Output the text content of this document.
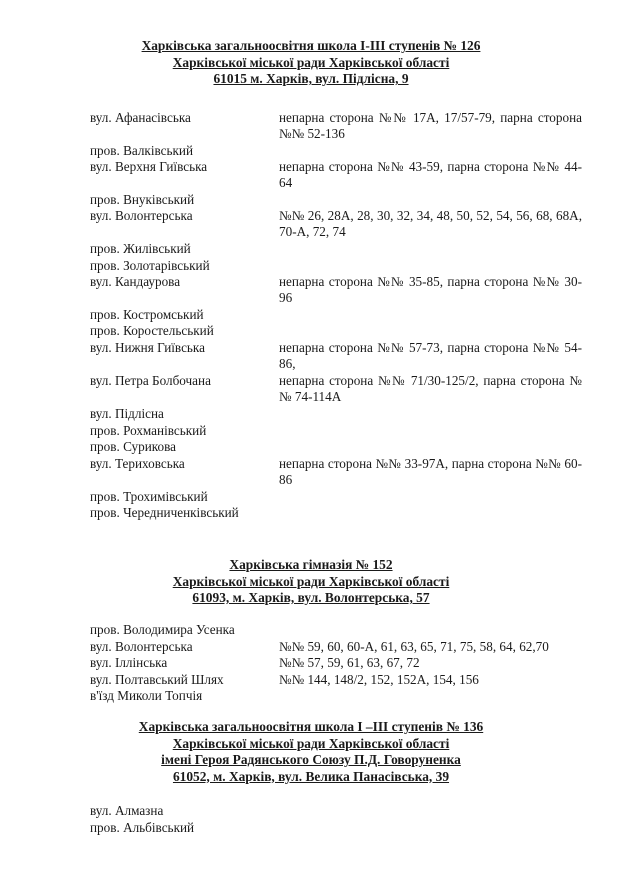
Харківська загальноосвітня школа І-ІІІ ступенів № 126
Харківської міської ради Харківської області
61015 м. Харків, вул. Підлісна, 9
вул. Афанасівська	непарна сторона №№ 17А, 17/57-79, парна сторона №№ 52-136
пров. Валківський
вул. Верхня Гиївська	непарна сторона №№ 43-59, парна сторона №№ 44-64
пров. Внуківський
вул. Волонтерська	№№ 26, 28А, 28, 30, 32, 34, 48, 50, 52, 54, 56, 68, 68А, 70-А, 72, 74
пров. Жилівський
пров. Золотарівський
вул. Кандаурова	непарна сторона №№ 35-85, парна сторона №№ 30-96
пров. Костромський
пров. Коростельський
вул. Нижня Гиївська	непарна сторона №№ 57-73, парна сторона №№ 54-86,
вул. Петра Болбочана	непарна сторона №№ 71/30-125/2, парна сторона №№ 74-114А
вул. Підлісна
пров. Рохманівський
пров. Сурикова
вул. Териховська	непарна сторона №№ 33-97А, парна сторона №№ 60-86
пров. Трохимівський
пров. Чередниченківський
Харківська гімназія № 152
Харківської міської ради Харківської області
61093, м. Харків, вул. Волонтерська, 57
пров. Володимира Усенка
вул. Волонтерська	№№ 59, 60, 60-А, 61, 63, 65, 71, 75, 58, 64, 62,70
вул. Іллінська	№№ 57, 59, 61, 63, 67, 72
вул. Полтавський Шлях	№№ 144, 148/2, 152, 152А, 154, 156
в'їзд Миколи Топчія
Харківська загальноосвітня школа І –ІІІ ступенів № 136
Харківської міської ради Харківської області
імені Героя Радянського Союзу П.Д. Говоруненка
61052, м. Харків, вул. Велика Панасівська, 39
вул. Алмазна
пров. Альбівський
